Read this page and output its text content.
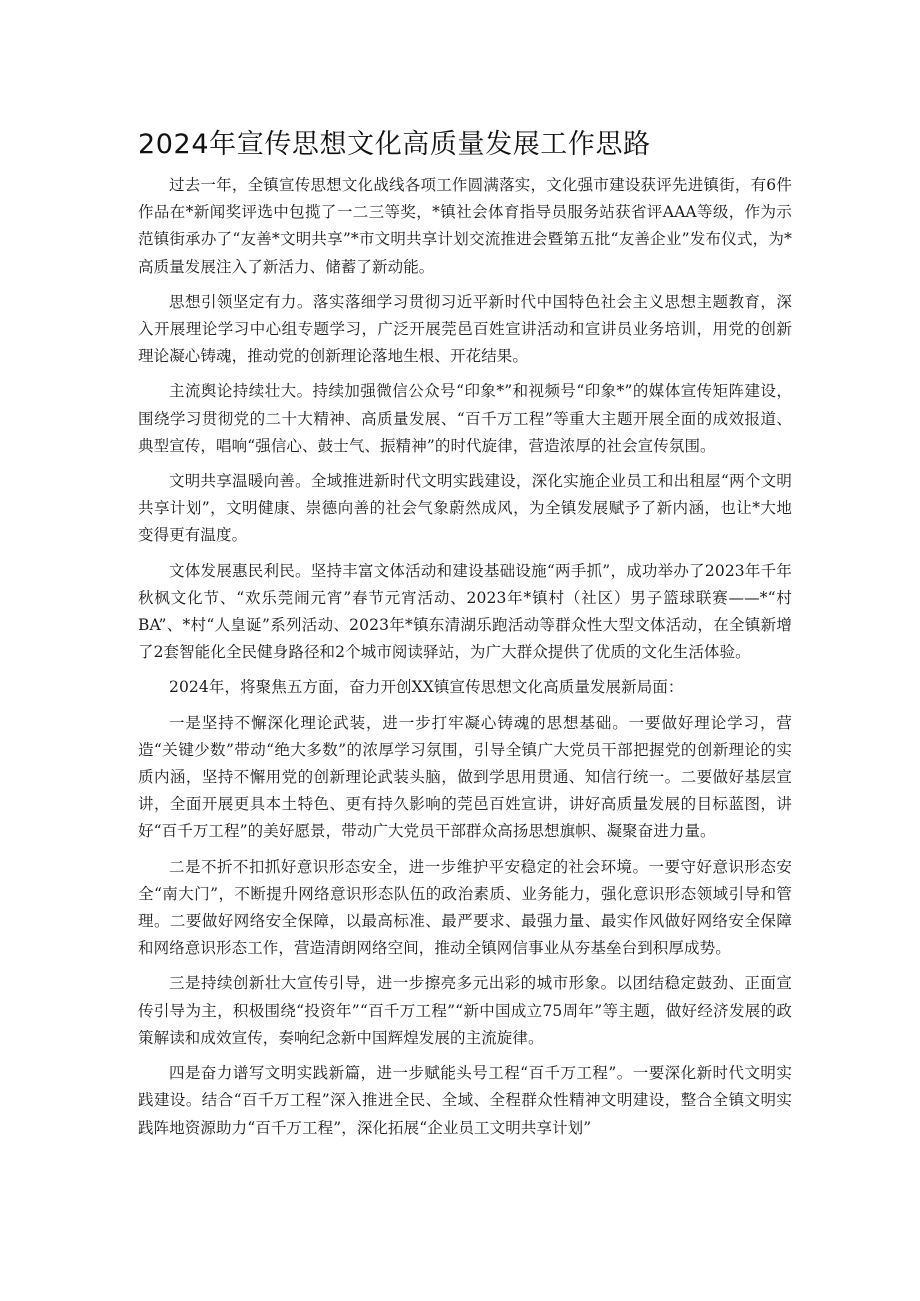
2024年宣传思想文化高质量发展工作思路

过去一年，全镇宣传思想文化战线各项工作圆满落实，文化强市建设获评先进镇街，有6件作品在*新闻奖评选中包揽了一二三等奖，*镇社会体育指导员服务站获省评AAA等级，作为示范镇街承办了“友善*文明共享”*市文明共享计划交流推进会暨第五批“友善企业”发布仪式，为*高质量发展注入了新活力、储蓄了新动能。

思想引领坚定有力。落实落细学习贯彻习近平新时代中国特色社会主义思想主题教育，深入开展理论学习中心组专题学习，广泛开展莞邑百姓宣讲活动和宣讲员业务培训，用党的创新理论凝心铸魂，推动党的创新理论落地生根、开花结果。

主流舆论持续壮大。持续加强微信公众号“印象*”和视频号“印象*”的媒体宣传矩阵建设，围绕学习贯彻党的二十大精神、高质量发展、“百千万工程”等重大主题开展全面的成效报道、典型宣传，唱响“强信心、鼓士气、振精神”的时代旋律，营造浓厚的社会宣传氛围。

文明共享温暖向善。全域推进新时代文明实践建设，深化实施企业员工和出租屋“两个文明共享计划”，文明健康、崇德向善的社会气象蔚然成风，为全镇发展赋予了新内涵，也让*大地变得更有温度。

文体发展惠民利民。坚持丰富文体活动和建设基础设施“两手抓”，成功举办了2023年千年秋枫文化节、“欢乐莞闹元宵”春节元宵活动、2023年*镇村（社区）男子篮球联赛——*“村BA”、*村“人皇诞”系列活动、2023年*镇东清湖乐跑活动等群众性大型文体活动，在全镇新增了2套智能化全民健身路径和2个城市阅读驿站，为广大群众提供了优质的文化生活体验。

2024年，将聚焦五方面，奋力开创XX镇宣传思想文化高质量发展新局面：

一是坚持不懈深化理论武装，进一步打牢凝心铸魂的思想基础。一要做好理论学习，营造“关键少数”带动“绝大多数”的浓厚学习氛围，引导全镇广大党员干部把握党的创新理论的实质内涵，坚持不懈用党的创新理论武装头脑，做到学思用贯通、知信行统一。二要做好基层宣讲，全面开展更具本土特色、更有持久影响的莞邑百姓宣讲，讲好高质量发展的目标蓝图，讲好“百千万工程”的美好愿景，带动广大党员干部群众高扬思想旗帜、凝聚奋进力量。

二是不折不扣抓好意识形态安全，进一步维护平安稳定的社会环境。一要守好意识形态安全“南大门”，不断提升网络意识形态队伍的政治素质、业务能力，强化意识形态领域引导和管理。二要做好网络安全保障，以最高标准、最严要求、最强力量、最实作风做好网络安全保障和网络意识形态工作，营造清朗网络空间，推动全镇网信事业从夯基垒台到积厚成势。

三是持续创新壮大宣传引导，进一步擦亮多元出彩的城市形象。以团结稳定鼓劲、正面宣传引导为主，积极围绕“投资年”“百千万工程”“新中国成立75周年”等主题，做好经济发展的政策解读和成效宣传，奏响纪念新中国辉煌发展的主流旋律。

四是奋力谱写文明实践新篇，进一步赋能头号工程“百千万工程”。一要深化新时代文明实践建设。结合“百千万工程”深入推进全民、全域、全程群众性精神文明建设，整合全镇文明实践阵地资源助力“百千万工程”，深化拓展“企业员工文明共享计划”
